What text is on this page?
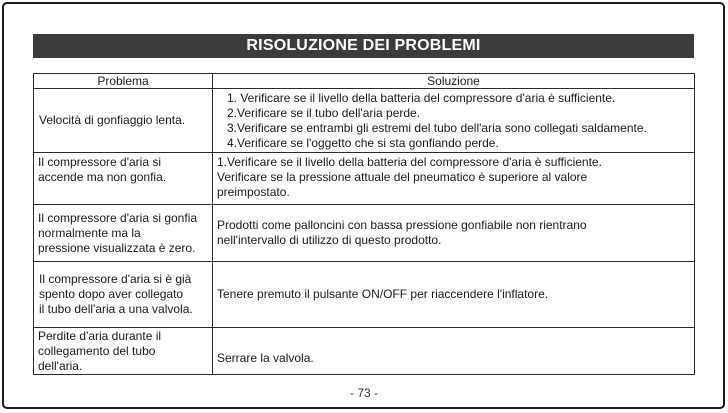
RISOLUZIONE DEI PROBLEMI
Problema	Soluzione

Velocità di gonfiaggio lenta.	1. Verificare se il livello della batteria del compressore d'aria è sufficiente.
2.Verificare se il tubo dell'aria perde.
3.Verificare se entrambi gli estremi del tubo dell'aria sono collegati saldamente.
4.Verificare se l'oggetto che si sta gonfiando perde.

Il compressore d'aria si
accende ma non gonfia.	1.Verificare se il livello della batteria del compressore d'aria è sufficiente.
Verificare se la pressione attuale del pneumatico è superiore al valore
preimpostato.

Il compressore d'aria si gonfia
normalmente ma la
pressione visualizzata è zero.	Prodotti come palloncini con bassa pressione gonfiabile non rientrano
nell'intervallo di utilizzo di questo prodotto.

Il compressore d'aria si è già
spento dopo aver collegato
il tubo dell'aria a una valvola.	Tenere premuto il pulsante ON/OFF per riaccendere l'inflatore.

Perdite d'aria durante il
collegamento del tubo
dell'aria.	Serrare la valvola.
- 73 -
